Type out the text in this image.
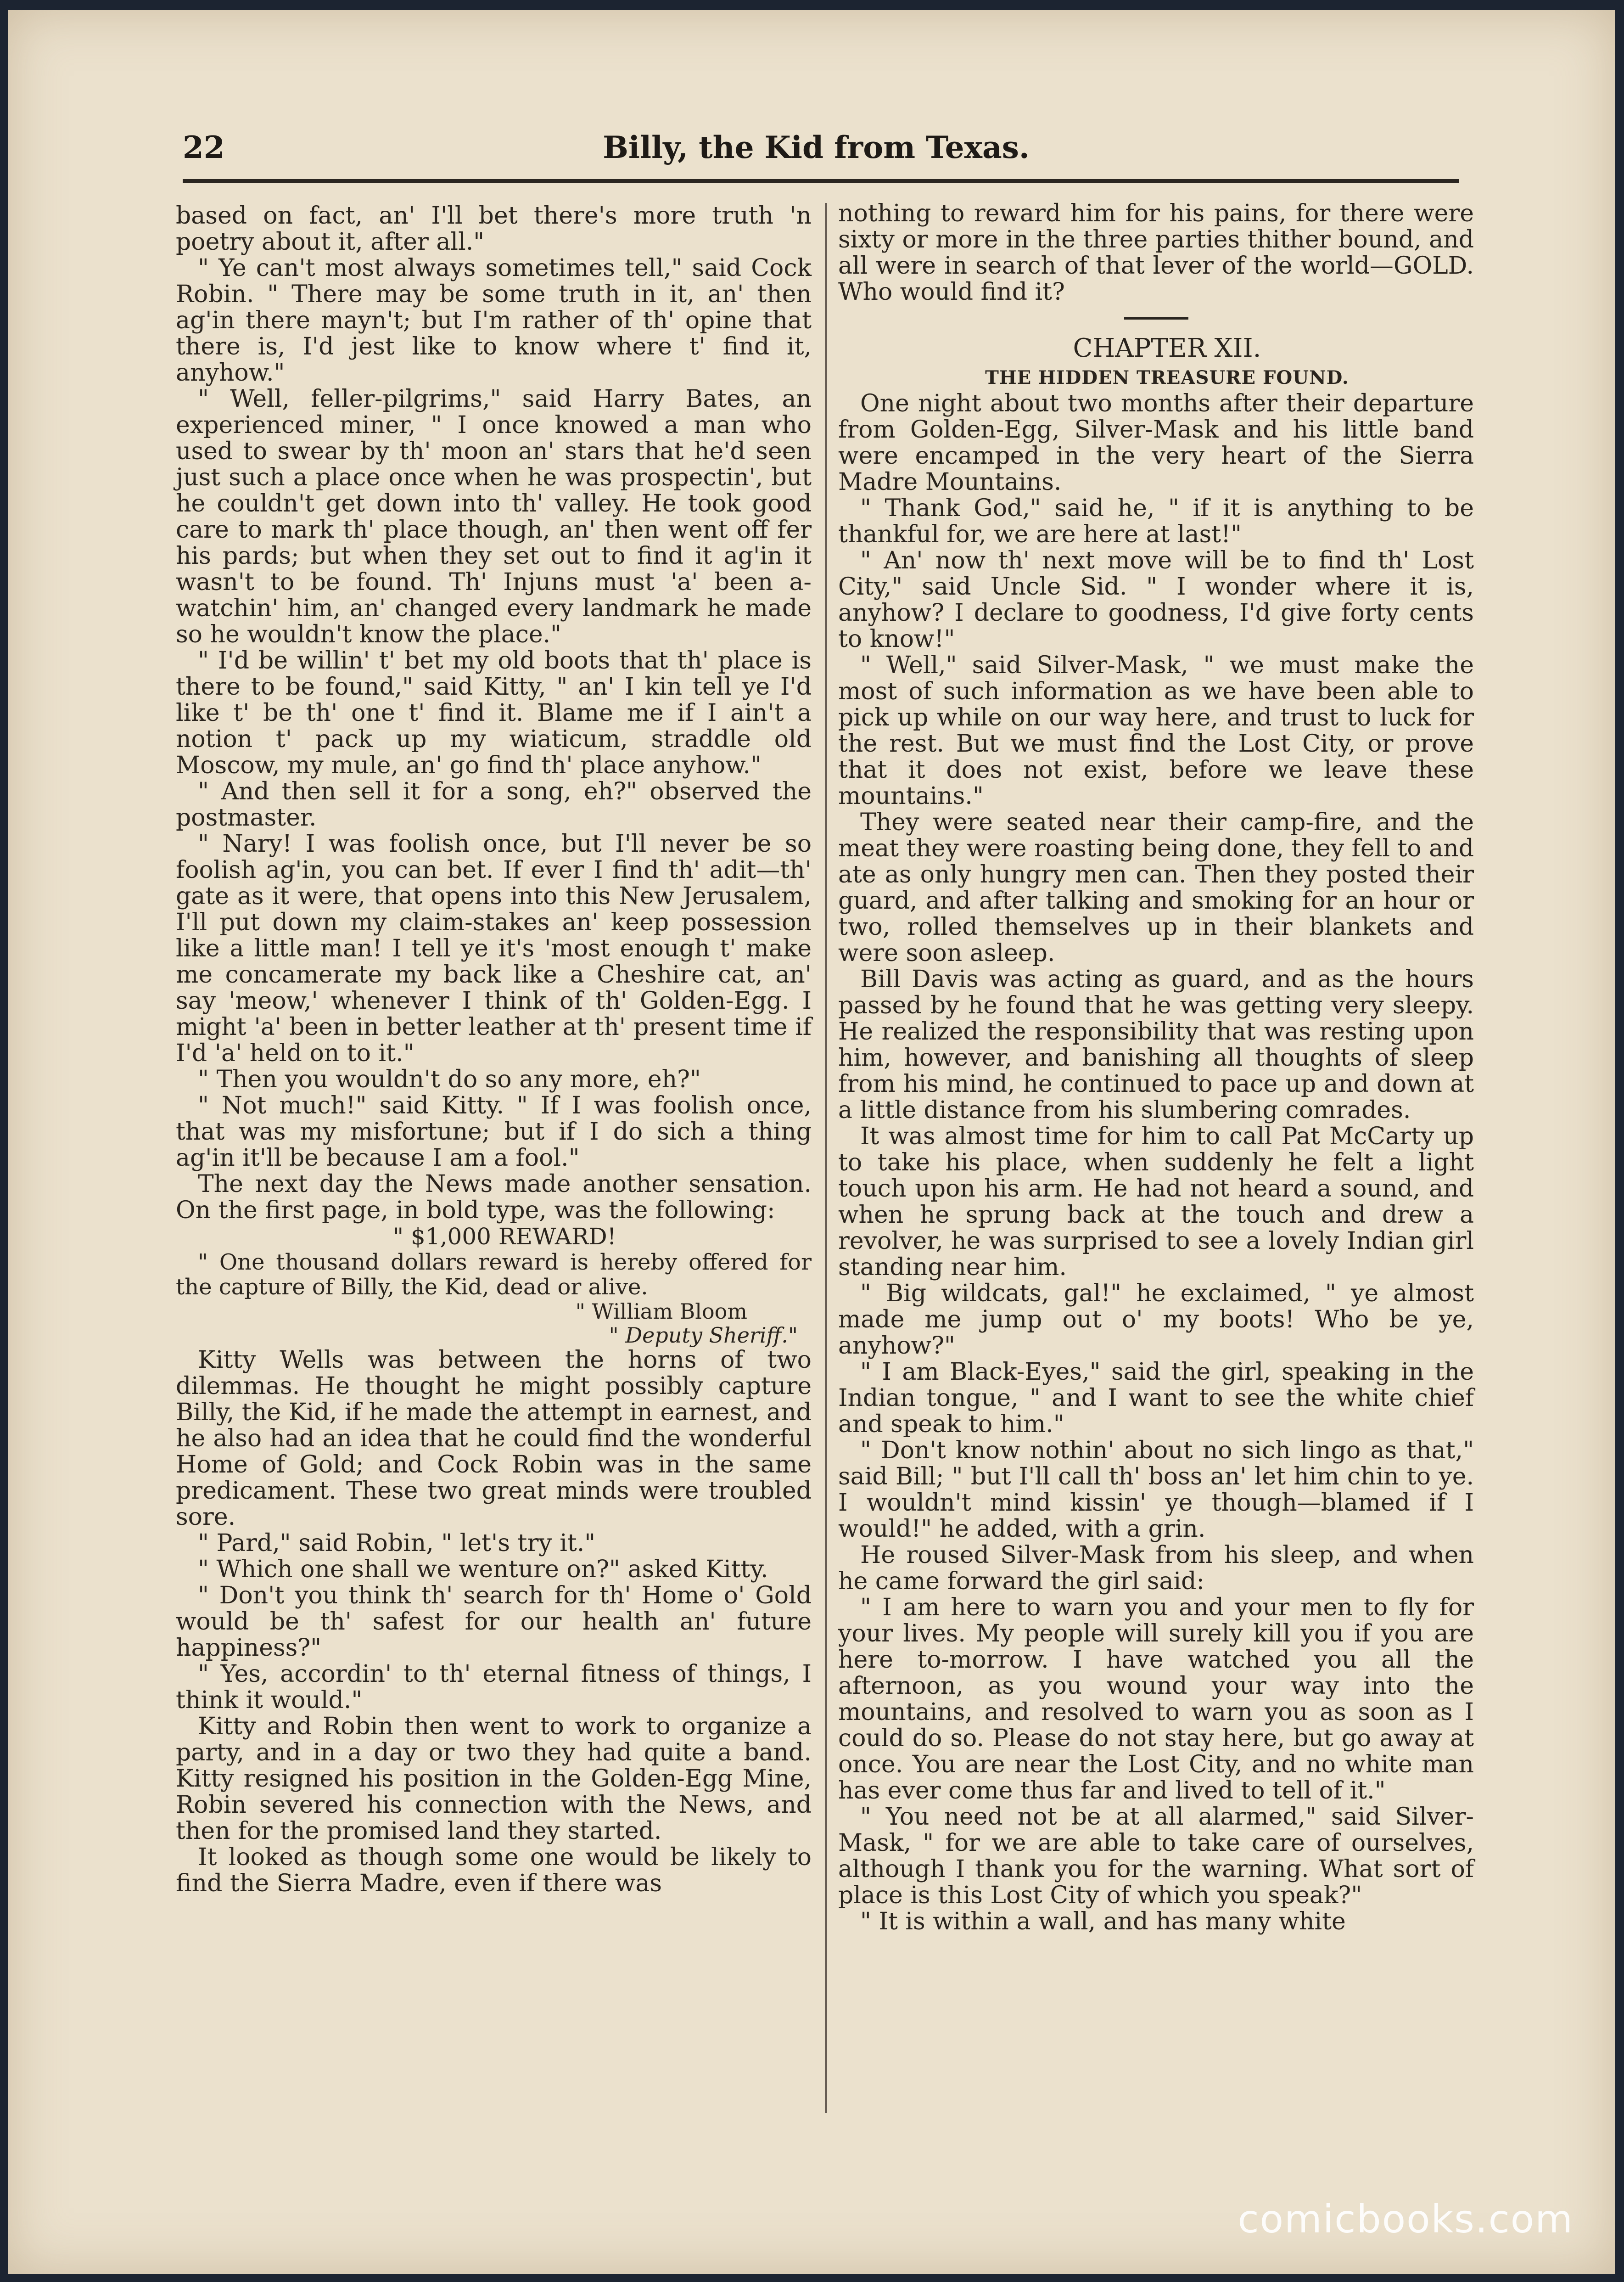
22	Billy, the Kid from Texas.

based on fact, an' I'll bet there's more truth 'n poetry about it, after all."

" Ye can't most always sometimes tell," said Cock Robin. " There may be some truth in it, an' then ag'in there mayn't; but I'm rather of th' opine that there is, I'd jest like to know where t' find it, anyhow."

" Well, feller-pilgrims," said Harry Bates, an experienced miner, " I once knowed a man who used to swear by th' moon an' stars that he'd seen just such a place once when he was prospectin', but he couldn't get down into th' valley. He took good care to mark th' place though, an' then went off fer his pards; but when they set out to find it ag'in it wasn't to be found. Th' Injuns must 'a' been a-watchin' him, an' changed every landmark he made so he wouldn't know the place."

" I'd be willin' t' bet my old boots that th' place is there to be found," said Kitty, " an' I kin tell ye I'd like t' be th' one t' find it. Blame me if I ain't a notion t' pack up my wiaticum, straddle old Moscow, my mule, an' go find th' place anyhow."

" And then sell it for a song, eh?" observed the postmaster.

" Nary! I was foolish once, but I'll never be so foolish ag'in, you can bet. If ever I find th' adit—th' gate as it were, that opens into this New Jerusalem, I'll put down my claim-stakes an' keep possession like a little man! I tell ye it's 'most enough t' make me concamerate my back like a Cheshire cat, an' say 'meow,' whenever I think of th' Golden-Egg. I might 'a' been in better leather at th' present time if I'd 'a' held on to it."

" Then you wouldn't do so any more, eh?"

" Not much!" said Kitty. " If I was foolish once, that was my misfortune; but if I do sich a thing ag'in it'll be because I am a fool."

The next day the News made another sensation. On the first page, in bold type, was the following:

" $1,000 REWARD!

" One thousand dollars reward is hereby offered for the capture of Billy, the Kid, dead or alive.

" William Bloom

" Deputy Sheriff."

Kitty Wells was between the horns of two dilemmas. He thought he might possibly capture Billy, the Kid, if he made the attempt in earnest, and he also had an idea that he could find the wonderful Home of Gold; and Cock Robin was in the same predicament. These two great minds were troubled sore.

" Pard," said Robin, " let's try it."

" Which one shall we wenture on?" asked Kitty.

" Don't you think th' search for th' Home o' Gold would be th' safest for our health an' future happiness?"

" Yes, accordin' to th' eternal fitness of things, I think it would."

Kitty and Robin then went to work to organize a party, and in a day or two they had quite a band. Kitty resigned his position in the Golden-Egg Mine, Robin severed his connection with the News, and then for the promised land they started.

It looked as though some one would be likely to find the Sierra Madre, even if there was

nothing to reward him for his pains, for there were sixty or more in the three parties thither bound, and all were in search of that lever of the world—GOLD. Who would find it?

CHAPTER XII.

THE HIDDEN TREASURE FOUND.

One night about two months after their departure from Golden-Egg, Silver-Mask and his little band were encamped in the very heart of the Sierra Madre Mountains.

" Thank God," said he, " if it is anything to be thankful for, we are here at last!"

" An' now th' next move will be to find th' Lost City," said Uncle Sid. " I wonder where it is, anyhow? I declare to goodness, I'd give forty cents to know!"

" Well," said Silver-Mask, " we must make the most of such information as we have been able to pick up while on our way here, and trust to luck for the rest. But we must find the Lost City, or prove that it does not exist, before we leave these mountains."

They were seated near their camp-fire, and the meat they were roasting being done, they fell to and ate as only hungry men can. Then they posted their guard, and after talking and smoking for an hour or two, rolled themselves up in their blankets and were soon asleep.

Bill Davis was acting as guard, and as the hours passed by he found that he was getting very sleepy. He realized the responsibility that was resting upon him, however, and banishing all thoughts of sleep from his mind, he continued to pace up and down at a little distance from his slumbering comrades.

It was almost time for him to call Pat McCarty up to take his place, when suddenly he felt a light touch upon his arm. He had not heard a sound, and when he sprung back at the touch and drew a revolver, he was surprised to see a lovely Indian girl standing near him.

" Big wildcats, gal!" he exclaimed, " ye almost made me jump out o' my boots! Who be ye, anyhow?"

" I am Black-Eyes," said the girl, speaking in the Indian tongue, " and I want to see the white chief and speak to him."

" Don't know nothin' about no sich lingo as that," said Bill; " but I'll call th' boss an' let him chin to ye. I wouldn't mind kissin' ye though—blamed if I would!" he added, with a grin.

He roused Silver-Mask from his sleep, and when he came forward the girl said:

" I am here to warn you and your men to fly for your lives. My people will surely kill you if you are here to-morrow. I have watched you all the afternoon, as you wound your way into the mountains, and resolved to warn you as soon as I could do so. Please do not stay here, but go away at once. You are near the Lost City, and no white man has ever come thus far and lived to tell of it."

" You need not be at all alarmed," said Silver-Mask, " for we are able to take care of ourselves, although I thank you for the warning. What sort of place is this Lost City of which you speak?"

" It is within a wall, and has many white

comicbooks.com
